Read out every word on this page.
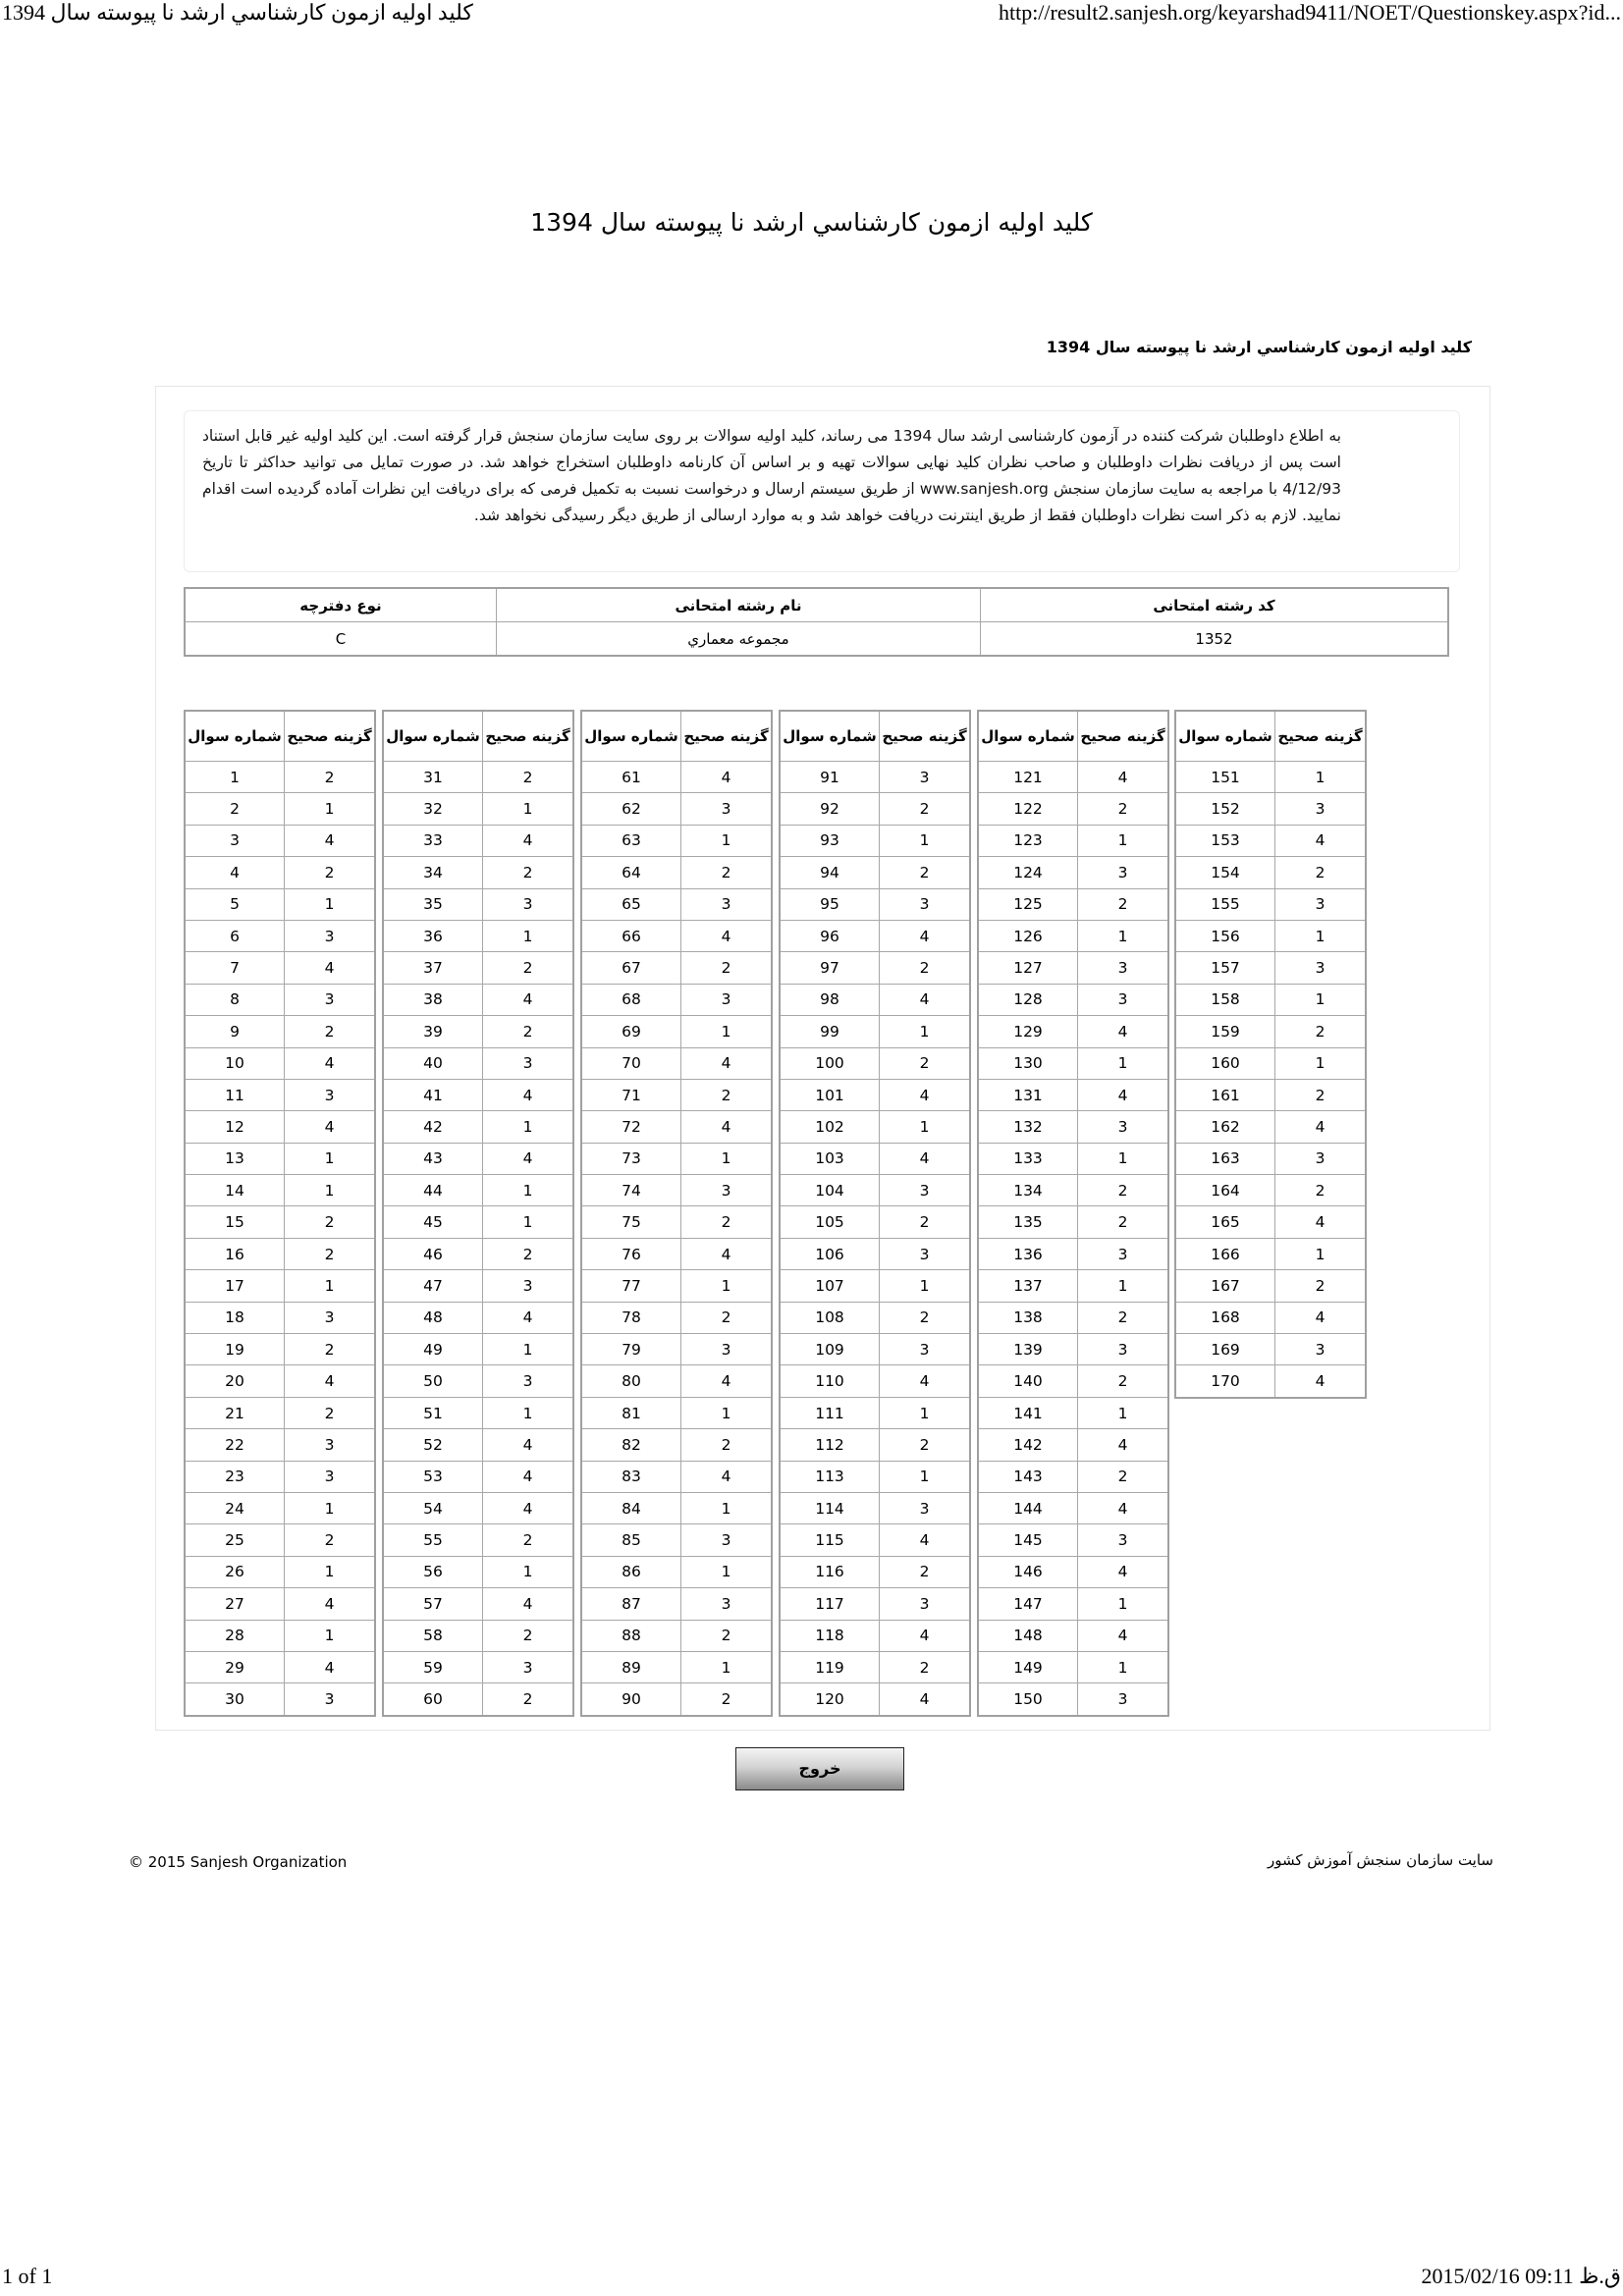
کلید اولیه ازمون کارشناسي ارشد نا پیوسته سال 1394	http://result2.sanjesh.org/keyarshad9411/NOET/Questionskey.aspx?id...
کلید اولیه ازمون کارشناسي ارشد نا پیوسته سال 1394
کلید اولیه ازمون کارشناسي ارشد نا پیوسته سال 1394

به اطلاع داوطلبان شرکت کننده در آزمون کارشناسی ارشد سال 1394 می رساند، کلید اولیه سوالات بر روی سایت سازمان سنجش قرار گرفته است. این کلید اولیه غیر قابل استناد است پس از دریافت نظرات داوطلبان و صاحب نظران کلید نهایی سوالات تهیه و بر اساس آن کارنامه داوطلبان استخراج خواهد شد. در صورت تمایل می توانید حداکثر تا تاریخ 4/12/93 با مراجعه به سایت سازمان سنجش www.sanjesh.org از طریق سیستم ارسال و درخواست نسبت به تکمیل فرمی که برای دریافت این نظرات آماده گردیده است اقدام نمایید. لازم به ذکر است نظرات داوطلبان فقط از طریق اینترنت دریافت خواهد شد و به موارد ارسالی از طریق دیگر رسیدگی نخواهد شد.

کد رشته امتحانی	نام رشته امتحانی	نوع دفترچه
1352	مجموعه معماري	C
گزینه صحیح	شماره سوال
2	1
1	2
4	3
2	4
1	5
3	6
4	7
3	8
2	9
4	10
3	11
4	12
1	13
1	14
2	15
2	16
1	17
3	18
2	19
4	20
2	21
3	22
3	23
1	24
2	25
1	26
4	27
1	28
4	29
3	30
گزینه صحیح	شماره سوال
2	31
1	32
4	33
2	34
3	35
1	36
2	37
4	38
2	39
3	40
4	41
1	42
4	43
1	44
1	45
2	46
3	47
4	48
1	49
3	50
1	51
4	52
4	53
4	54
2	55
1	56
4	57
2	58
3	59
2	60
گزینه صحیح	شماره سوال
4	61
3	62
1	63
2	64
3	65
4	66
2	67
3	68
1	69
4	70
2	71
4	72
1	73
3	74
2	75
4	76
1	77
2	78
3	79
4	80
1	81
2	82
4	83
1	84
3	85
1	86
3	87
2	88
1	89
2	90
گزینه صحیح	شماره سوال
3	91
2	92
1	93
2	94
3	95
4	96
2	97
4	98
1	99
2	100
4	101
1	102
4	103
3	104
2	105
3	106
1	107
2	108
3	109
4	110
1	111
2	112
1	113
3	114
4	115
2	116
3	117
4	118
2	119
4	120
گزینه صحیح	شماره سوال
4	121
2	122
1	123
3	124
2	125
1	126
3	127
3	128
4	129
1	130
4	131
3	132
1	133
2	134
2	135
3	136
1	137
2	138
3	139
2	140
1	141
4	142
2	143
4	144
3	145
4	146
1	147
4	148
1	149
3	150
گزینه صحیح	شماره سوال
1	151
3	152
4	153
2	154
3	155
1	156
3	157
1	158
2	159
1	160
2	161
4	162
3	163
2	164
4	165
1	166
2	167
4	168
3	169
4	170
خروج
© 2015 Sanjesh Organization	سایت سازمان سنجش آموزش کشور
1 of 1	2015/02/16 09:11 ق.ظ
